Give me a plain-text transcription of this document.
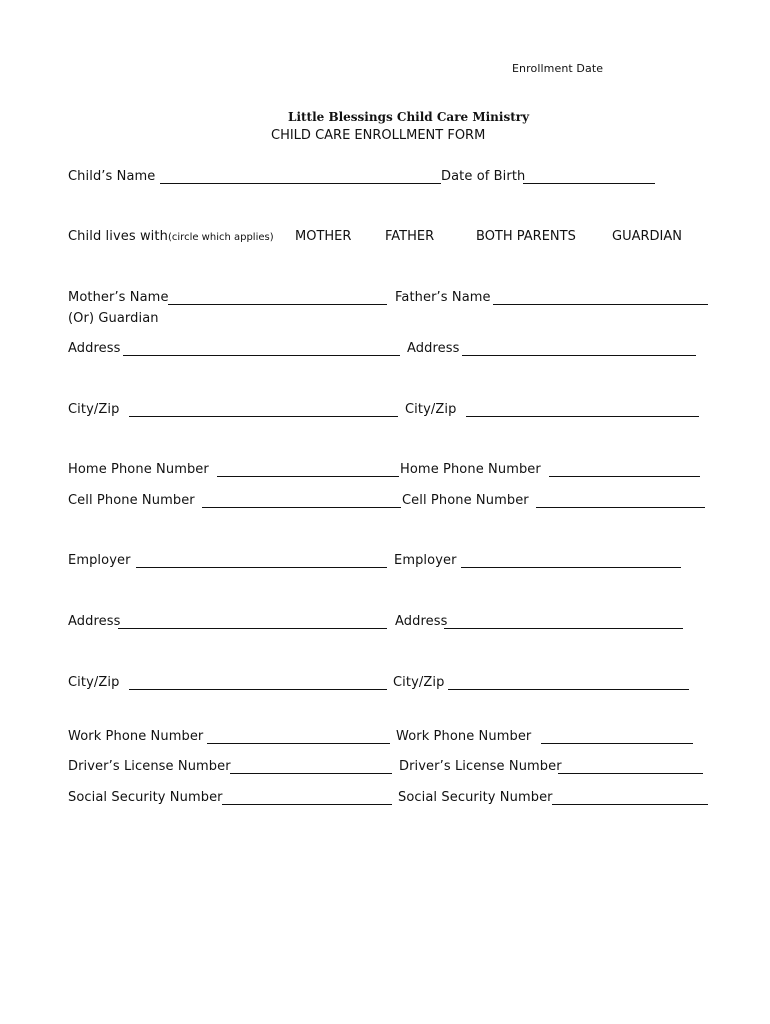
Enrollment Date
Little Blessings Child Care Ministry
CHILD CARE ENROLLMENT FORM
Child’s Name	Date of Birth
Child lives with (circle which applies) MOTHER	FATHER	BOTH PARENTS	GUARDIAN
Mother’s Name	Father’s Name
(Or) Guardian
Address	Address
City/Zip	City/Zip
Home Phone Number	Home Phone Number
Cell Phone Number	Cell Phone Number
Employer	Employer
Address	Address
City/Zip	City/Zip
Work Phone Number	Work Phone Number
Driver’s License Number	Driver’s License Number
Social Security Number	Social Security Number
